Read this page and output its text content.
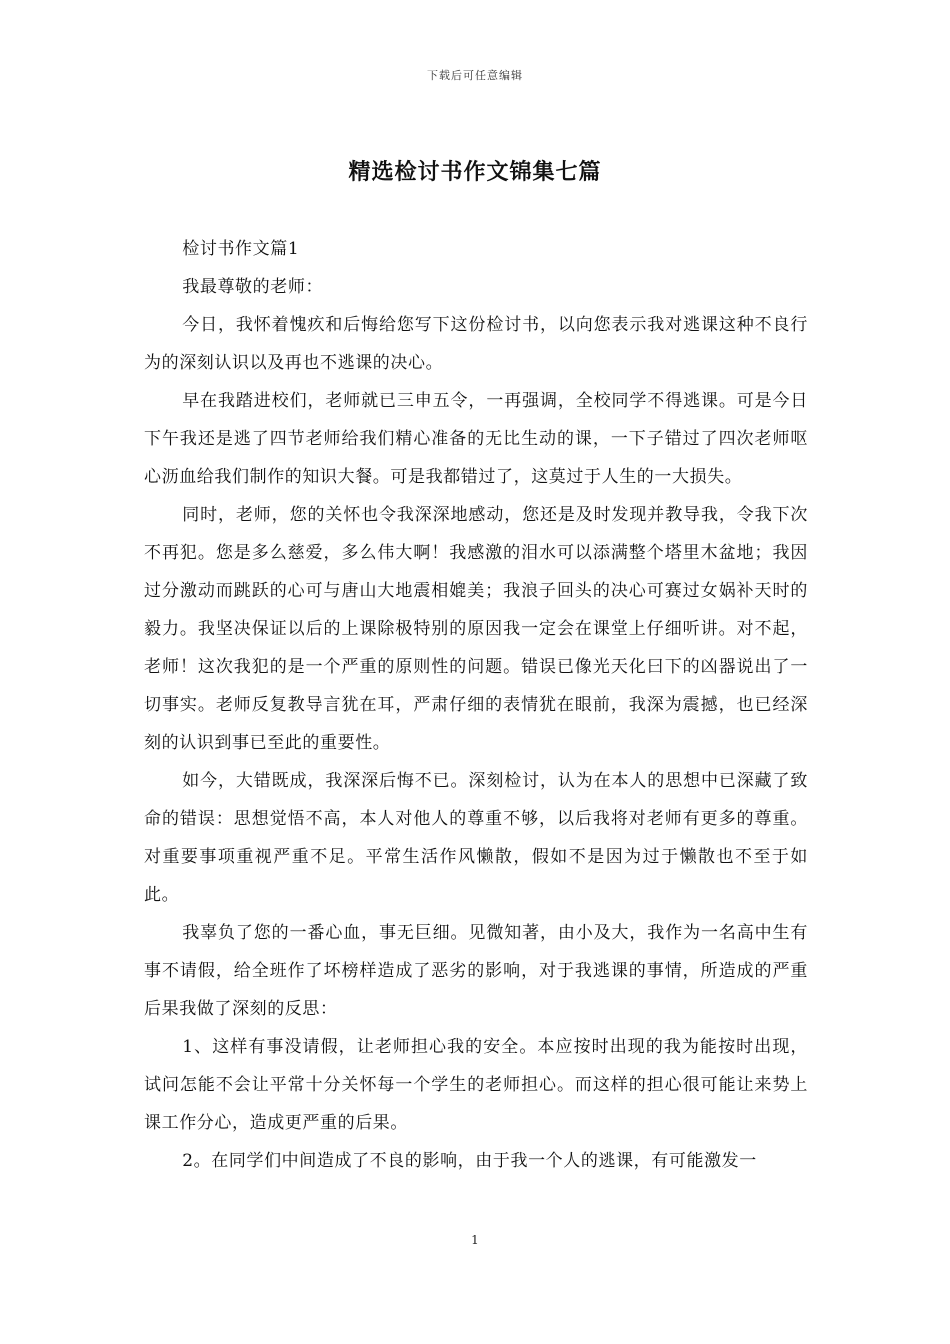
下载后可任意编辑
精选检讨书作文锦集七篇

检讨书作文篇1

我最尊敬的老师：

今日，我怀着愧疚和后悔给您写下这份检讨书，以向您表示我对逃课这种不良行为的深刻认识以及再也不逃课的决心。

早在我踏进校们，老师就已三申五令，一再强调，全校同学不得逃课。可是今日下午我还是逃了四节老师给我们精心准备的无比生动的课，一下子错过了四次老师呕心沥血给我们制作的知识大餐。可是我都错过了，这莫过于人生的一大损失。

同时，老师，您的关怀也令我深深地感动，您还是及时发现并教导我，令我下次不再犯。您是多么慈爱，多么伟大啊！我感激的泪水可以添满整个塔里木盆地；我因过分激动而跳跃的心可与唐山大地震相媲美；我浪子回头的决心可赛过女娲补天时的毅力。我坚决保证以后的上课除极特别的原因我一定会在课堂上仔细听讲。对不起，老师！这次我犯的是一个严重的原则性的问题。错误已像光天化曰下的凶器说出了一切事实。老师反复教导言犹在耳，严肃仔细的表情犹在眼前，我深为震撼，也已经深刻的认识到事已至此的重要性。

如今，大错既成，我深深后悔不已。深刻检讨，认为在本人的思想中已深藏了致命的错误：思想觉悟不高，本人对他人的尊重不够，以后我将对老师有更多的尊重。对重要事项重视严重不足。平常生活作风懒散，假如不是因为过于懒散也不至于如此。

我辜负了您的一番心血，事无巨细。见微知著，由小及大，我作为一名高中生有事不请假，给全班作了坏榜样造成了恶劣的影响，对于我逃课的事情，所造成的严重后果我做了深刻的反思：

1、这样有事没请假，让老师担心我的安全。本应按时出现的我为能按时出现，试问怎能不会让平常十分关怀每一个学生的老师担心。而这样的担心很可能让来势上课工作分心，造成更严重的后果。

2。在同学们中间造成了不良的影响，由于我一个人的逃课，有可能激发一

1
